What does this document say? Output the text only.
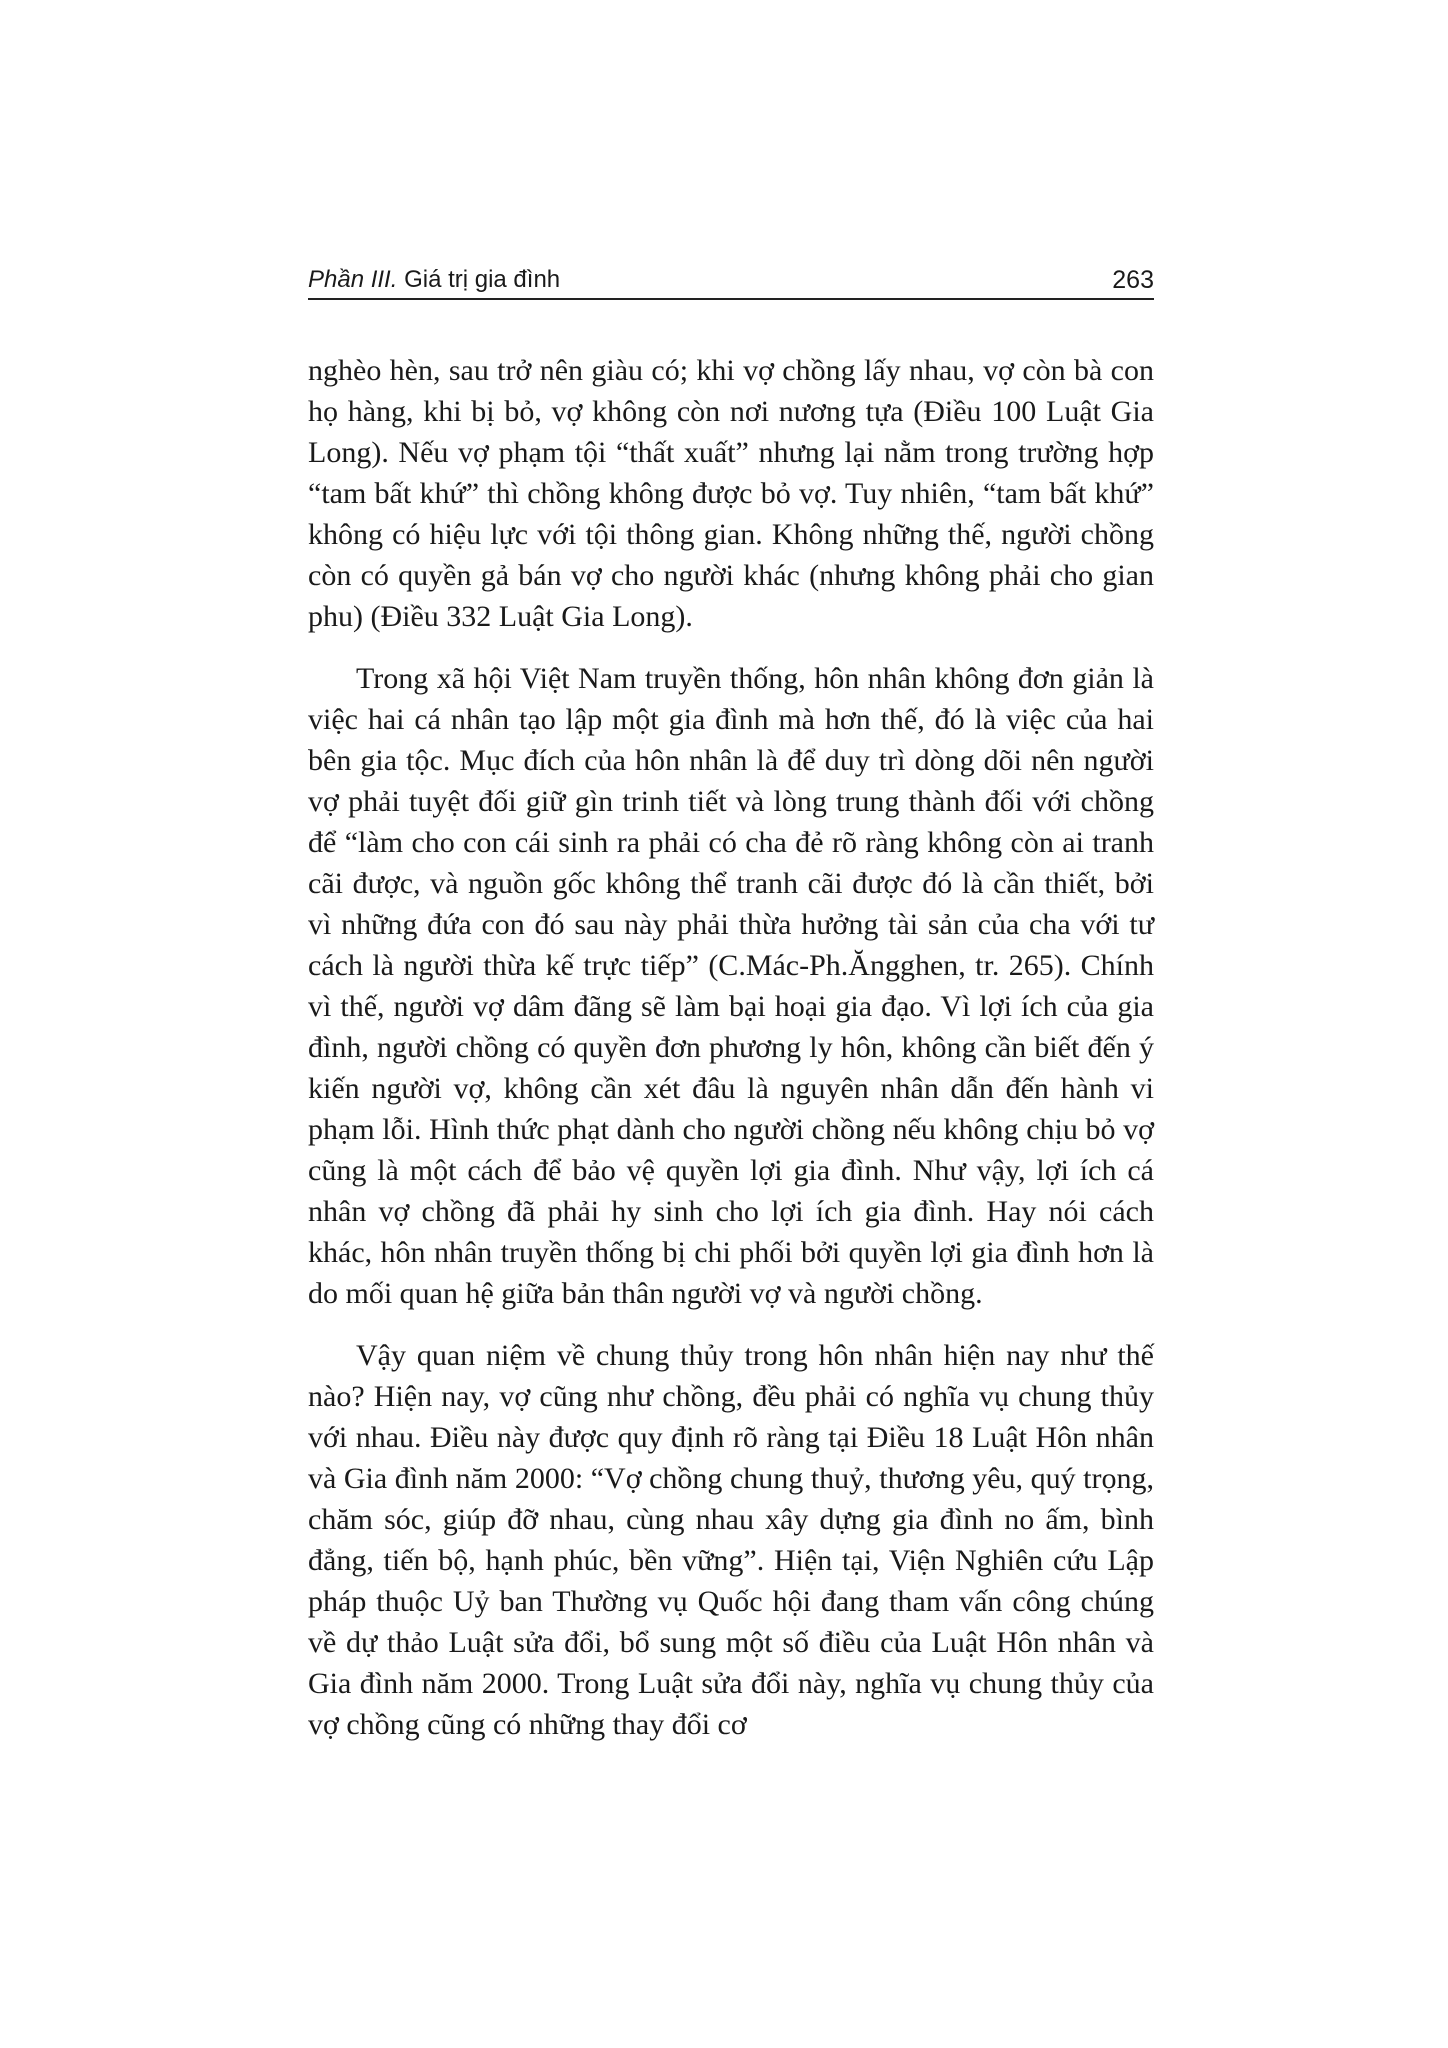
Phần III. Giá trị gia đình	263

nghèo hèn, sau trở nên giàu có; khi vợ chồng lấy nhau, vợ còn bà con họ hàng, khi bị bỏ, vợ không còn nơi nương tựa (Điều 100 Luật Gia Long). Nếu vợ phạm tội “thất xuất” nhưng lại nằm trong trường hợp “tam bất khứ” thì chồng không được bỏ vợ. Tuy nhiên, “tam bất khứ” không có hiệu lực với tội thông gian. Không những thế, người chồng còn có quyền gả bán vợ cho người khác (nhưng không phải cho gian phu) (Điều 332 Luật Gia Long).

Trong xã hội Việt Nam truyền thống, hôn nhân không đơn giản là việc hai cá nhân tạo lập một gia đình mà hơn thế, đó là việc của hai bên gia tộc. Mục đích của hôn nhân là để duy trì dòng dõi nên người vợ phải tuyệt đối giữ gìn trinh tiết và lòng trung thành đối với chồng để “làm cho con cái sinh ra phải có cha đẻ rõ ràng không còn ai tranh cãi được, và nguồn gốc không thể tranh cãi được đó là cần thiết, bởi vì những đứa con đó sau này phải thừa hưởng tài sản của cha với tư cách là người thừa kế trực tiếp” (C.Mác-Ph.Ăngghen, tr. 265). Chính vì thế, người vợ dâm đãng sẽ làm bại hoại gia đạo. Vì lợi ích của gia đình, người chồng có quyền đơn phương ly hôn, không cần biết đến ý kiến người vợ, không cần xét đâu là nguyên nhân dẫn đến hành vi phạm lỗi. Hình thức phạt dành cho người chồng nếu không chịu bỏ vợ cũng là một cách để bảo vệ quyền lợi gia đình. Như vậy, lợi ích cá nhân vợ chồng đã phải hy sinh cho lợi ích gia đình. Hay nói cách khác, hôn nhân truyền thống bị chi phối bởi quyền lợi gia đình hơn là do mối quan hệ giữa bản thân người vợ và người chồng.

Vậy quan niệm về chung thủy trong hôn nhân hiện nay như thế nào? Hiện nay, vợ cũng như chồng, đều phải có nghĩa vụ chung thủy với nhau. Điều này được quy định rõ ràng tại Điều 18 Luật Hôn nhân và Gia đình năm 2000: “Vợ chồng chung thuỷ, thương yêu, quý trọng, chăm sóc, giúp đỡ nhau, cùng nhau xây dựng gia đình no ấm, bình đẳng, tiến bộ, hạnh phúc, bền vững”. Hiện tại, Viện Nghiên cứu Lập pháp thuộc Uỷ ban Thường vụ Quốc hội đang tham vấn công chúng về dự thảo Luật sửa đổi, bổ sung một số điều của Luật Hôn nhân và Gia đình năm 2000. Trong Luật sửa đổi này, nghĩa vụ chung thủy của vợ chồng cũng có những thay đổi cơ
